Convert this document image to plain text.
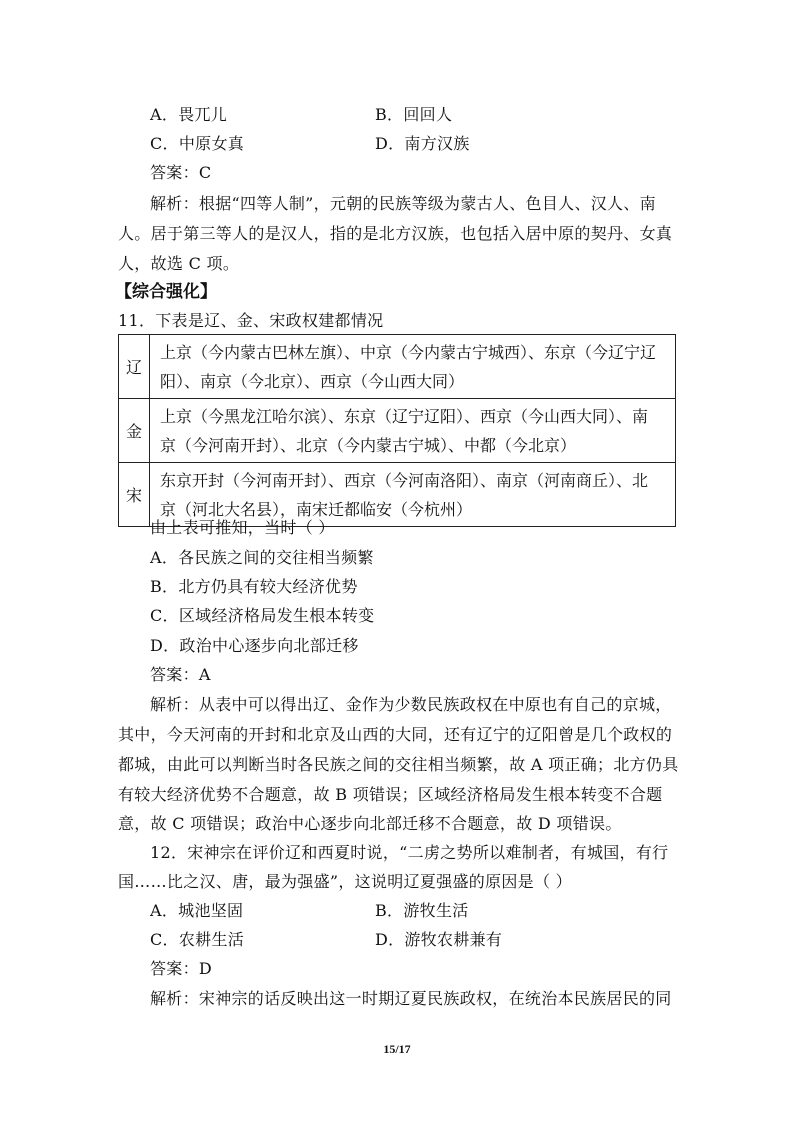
A．畏兀儿	B．回回人
C．中原女真	D．南方汉族
答案：C
解析：根据“四等人制”，元朝的民族等级为蒙古人、色目人、汉人、南
人。居于第三等人的是汉人，指的是北方汉族，也包括入居中原的契丹、女真
人，故选 C 项。
【综合强化】
11．下表是辽、金、宋政权建都情况
辽	上京（今内蒙古巴林左旗）、中京（今内蒙古宁城西）、东京（今辽宁辽
阳）、南京（今北京）、西京（今山西大同）

金	上京（今黑龙江哈尔滨）、东京（辽宁辽阳）、西京（今山西大同）、南
京（今河南开封）、北京（今内蒙古宁城）、中都（今北京）

宋	东京开封（今河南开封）、西京（今河南洛阳）、南京（河南商丘）、北
京（河北大名县），南宋迁都临安（今杭州）
由上表可推知，当时（ ）
A．各民族之间的交往相当频繁
B．北方仍具有较大经济优势
C．区域经济格局发生根本转变
D．政治中心逐步向北部迁移
答案：A
解析：从表中可以得出辽、金作为少数民族政权在中原也有自己的京城，
其中，今天河南的开封和北京及山西的大同，还有辽宁的辽阳曾是几个政权的
都城，由此可以判断当时各民族之间的交往相当频繁，故 A 项正确；北方仍具
有较大经济优势不合题意，故 B 项错误；区域经济格局发生根本转变不合题
意，故 C 项错误；政治中心逐步向北部迁移不合题意，故 D 项错误。
12．宋神宗在评价辽和西夏时说，“二虏之势所以难制者，有城国，有行
国……比之汉、唐，最为强盛”，这说明辽夏强盛的原因是（ ）
A．城池坚固	B．游牧生活
C．农耕生活	D．游牧农耕兼有
答案：D
解析：宋神宗的话反映出这一时期辽夏民族政权，在统治本民族居民的同
15/17
